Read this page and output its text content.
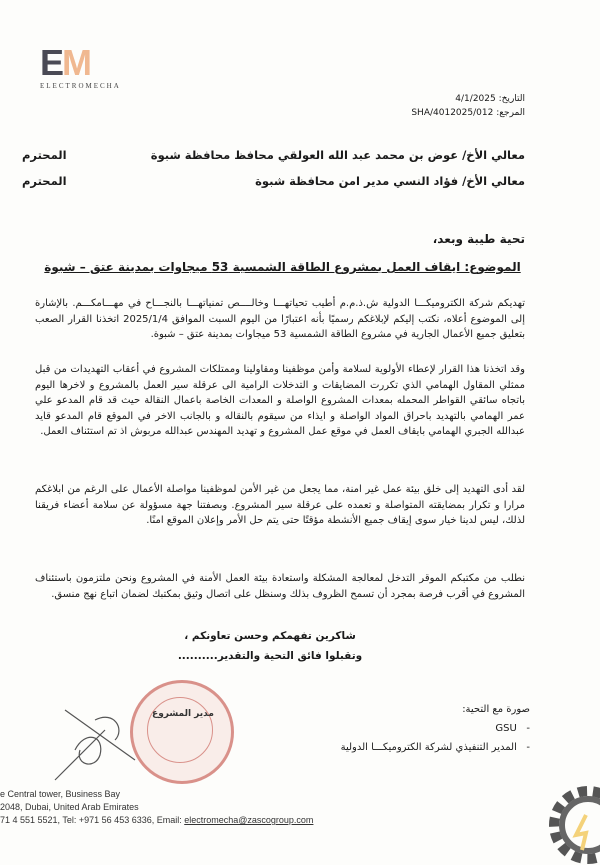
EM
ELECTROMECHA
التاريخ: 4/1/2025
المرجع: SHA/4012025/012
معالي الأخ/ عوض بن محمد عبد الله العولقي محافظ محافظة شبوة
المحترم
معالي الأخ/ فؤاد النسي مدير امن محافظة شبوة
المحترم
تحية طيبة وبعد،
الموضوع: ايقاف العمل بمشروع الطاقة الشمسية 53 ميجاوات بمدينة عتق – شبوة
تهديكم شركة الكتروميكـــا الدولية ش.ذ.م.م أطيب تحياتهـــا وخالــــص تمنياتهـــا بالنجـــاح في مهـــامكـــم. بالإشارة إلى الموضوع أعلاه، نكتب إليكم لإبلاغكم رسميًا بأنه اعتبارًا من اليوم السبت الموافق 2025/1/4 اتخذنا القرار الصعب بتعليق جميع الأعمال الجارية في مشروع الطاقة الشمسية 53 ميجاوات بمدينة عتق – شبوة.
وقد اتخذنا هذا القرار لإعطاء الأولوية لسلامة وأمن موظفينا ومقاولينا وممتلكات المشروع في أعقاب التهديدات من قبل ممثلي المقاول الهمامي الذي تكررت المضايقات و التدخلات الرامية الى عرقلة سير العمل بالمشروع و لاخرها اليوم باتجاه سائقي القواطر المحمله بمعدات المشروع الواصلة و المعدات الخاصة باعمال النقالة حيث قد قام المدعو علي عمر الهمامي بالتهديد باحراق المواد الواصلة و ايذاء من سيقوم بالنقاله و بالجانب الاخر في الموقع قام المدعو قايد عبدالله الجبري الهمامي بايقاف العمل في موقع عمل المشروع و تهديد المهندس عبدالله مربوش اذ تم استئناف العمل.
لقد أدى التهديد إلى خلق بيئة عمل غير امنة، مما يجعل من غير الأمن لموظفينا مواصلة الأعمال على الرغم من ابلاغكم مرارا و تكرار بمضايقته المتواصلة و تعمده على عرقلة سير المشروع. وبصفتنا جهة مسؤولة عن سلامة أعضاء فريقنا لذلك، ليس لدينا خيار سوى إيقاف جميع الأنشطة مؤقتًا حتى يتم حل الأمر وإعلان الموقع امنًا.
نطلب من مكتبكم الموقر التدخل لمعالجة المشكلة واستعادة بيئة العمل الأمنة في المشروع ونحن ملتزمون باستئناف المشروع في أقرب فرصة بمجرد أن تسمح الظروف بذلك وسنظل على اتصال وثيق بمكتبك لضمان اتباع نهج منسق.
شاكرين تفهمكم وحسن تعاونكم ،
وتقبلوا فائق التحية والتقدير..........
مدير المشروع	صورة مع التحية:
-   GSU
-   المدير التنفيذي لشركة الكتروميكـــا الدولية
e Central tower, Business Bay
2048, Dubai, United Arab Emirates
71 4 551 5521, Tel: +971 56 453 6336, Email: electromecha@zascogroup.com
